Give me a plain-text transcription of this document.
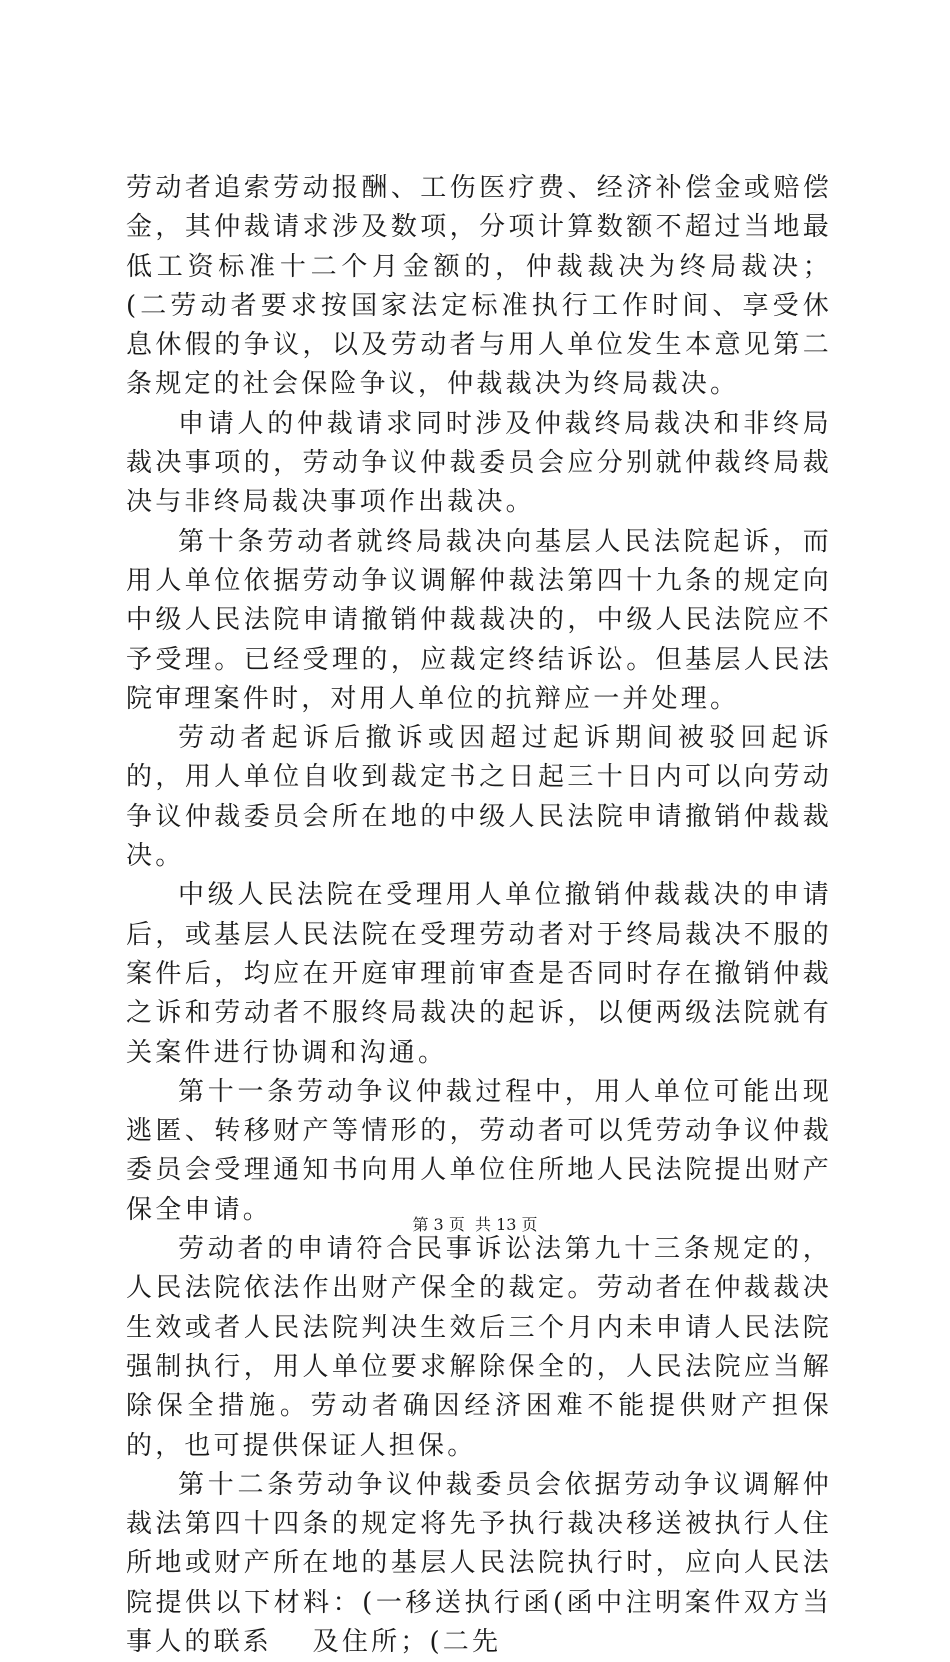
劳动者追索劳动报酬、工伤医疗费、经济补偿金或赔偿金，其仲裁请求涉及数项，分项计算数额不超过当地最低工资标准十二个月金额的，仲裁裁决为终局裁决；(二劳动者要求按国家法定标准执行工作时间、享受休息休假的争议，以及劳动者与用人单位发生本意见第二条规定的社会保险争议，仲裁裁决为终局裁决。

申请人的仲裁请求同时涉及仲裁终局裁决和非终局裁决事项的，劳动争议仲裁委员会应分别就仲裁终局裁决与非终局裁决事项作出裁决。

第十条劳动者就终局裁决向基层人民法院起诉，而用人单位依据劳动争议调解仲裁法第四十九条的规定向中级人民法院申请撤销仲裁裁决的，中级人民法院应不予受理。已经受理的，应裁定终结诉讼。但基层人民法院审理案件时，对用人单位的抗辩应一并处理。

劳动者起诉后撤诉或因超过起诉期间被驳回起诉的，用人单位自收到裁定书之日起三十日内可以向劳动争议仲裁委员会所在地的中级人民法院申请撤销仲裁裁决。

中级人民法院在受理用人单位撤销仲裁裁决的申请后，或基层人民法院在受理劳动者对于终局裁决不服的案件后，均应在开庭审理前审查是否同时存在撤销仲裁之诉和劳动者不服终局裁决的起诉，以便两级法院就有关案件进行协调和沟通。

第十一条劳动争议仲裁过程中，用人单位可能出现逃匿、转移财产等情形的，劳动者可以凭劳动争议仲裁委员会受理通知书向用人单位住所地人民法院提出财产保全申请。

劳动者的申请符合民事诉讼法第九十三条规定的，人民法院依法作出财产保全的裁定。劳动者在仲裁裁决生效或者人民法院判决生效后三个月内未申请人民法院强制执行，用人单位要求解除保全的，人民法院应当解除保全措施。劳动者确因经济困难不能提供财产担保的，也可提供保证人担保。

第十二条劳动争议仲裁委员会依据劳动争议调解仲裁法第四十四条的规定将先予执行裁决移送被执行人住所地或财产所在地的基层人民法院执行时，应向人民法院提供以下材料：(一移送执行函(函中注明案件双方当事人的联系　 及住所；(二先

第 3 页  共 13 页
